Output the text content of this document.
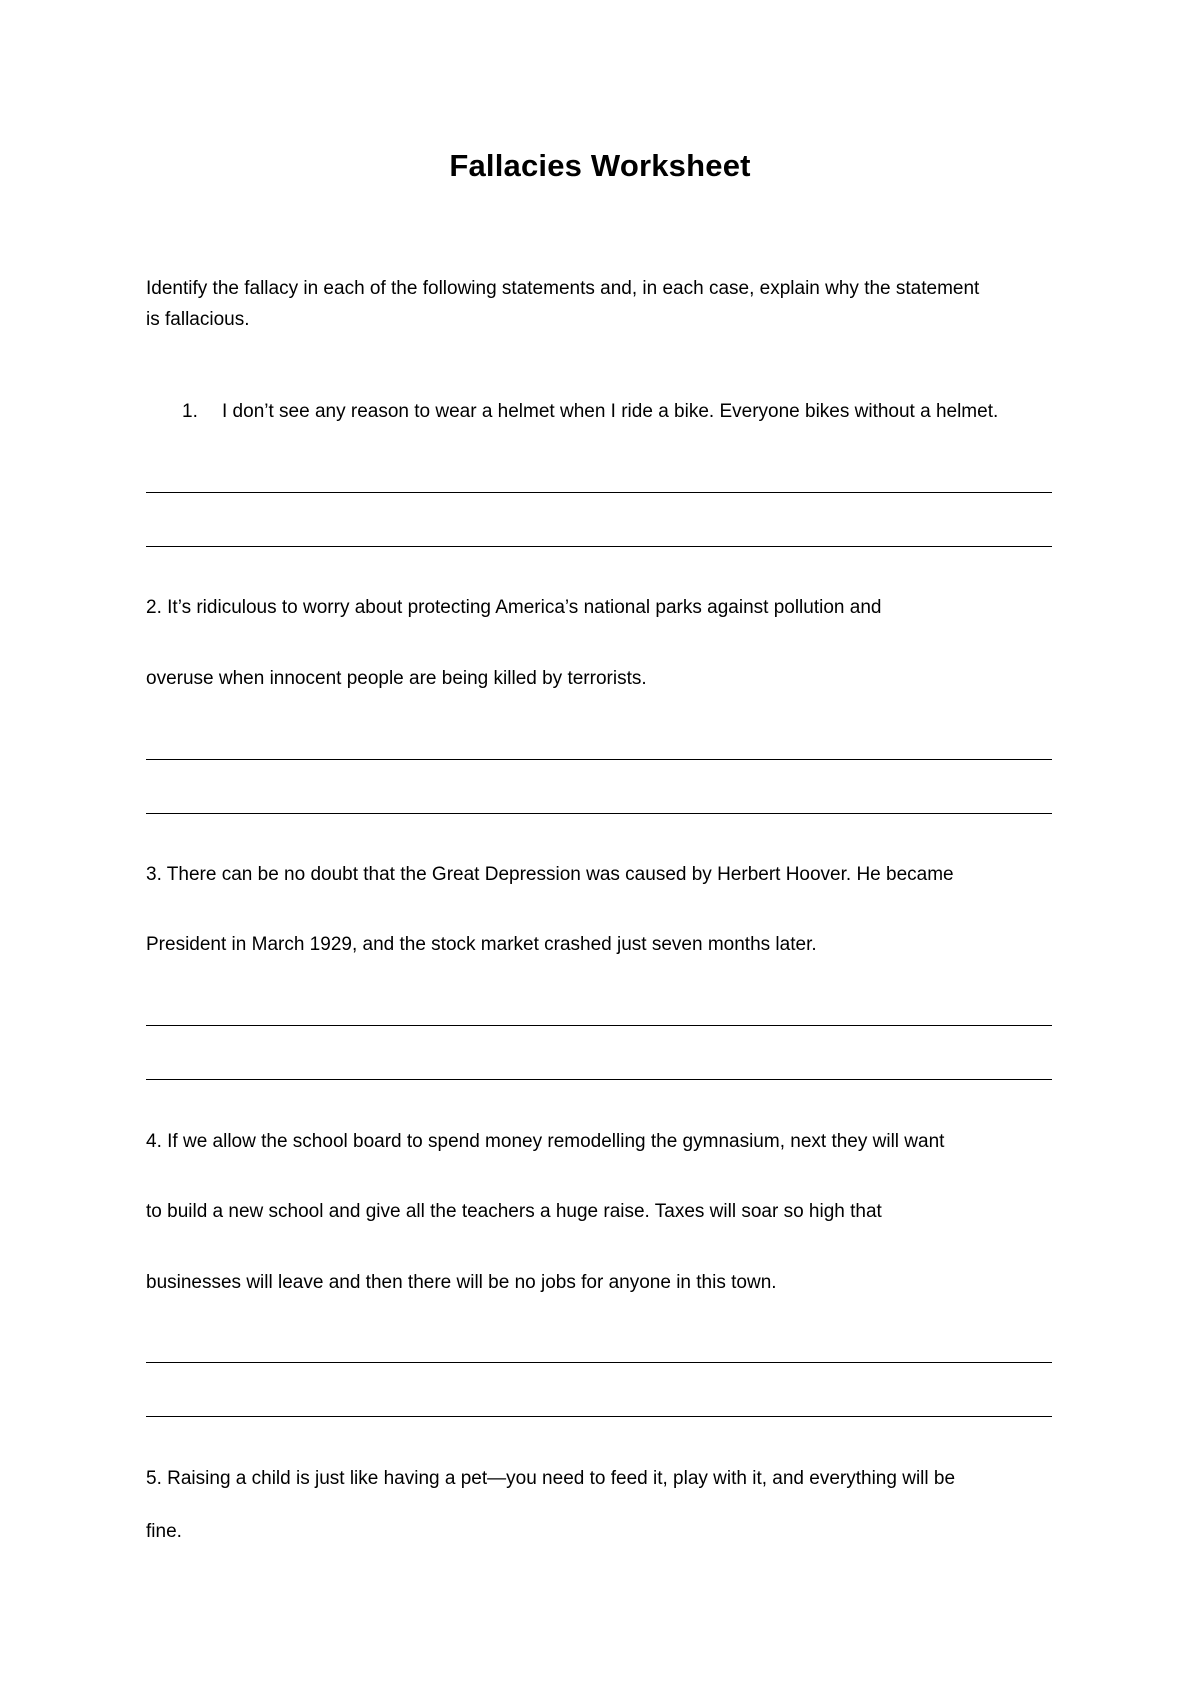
Fallacies Worksheet
Identify the fallacy in each of the following statements and, in each case, explain why the statement
is fallacious.
1. I don’t see any reason to wear a helmet when I ride a bike. Everyone bikes without a helmet.
2. It’s ridiculous to worry about protecting America’s national parks against pollution and
overuse when innocent people are being killed by terrorists.
3. There can be no doubt that the Great Depression was caused by Herbert Hoover. He became
President in March 1929, and the stock market crashed just seven months later.
4. If we allow the school board to spend money remodelling the gymnasium, next they will want
to build a new school and give all the teachers a huge raise. Taxes will soar so high that
businesses will leave and then there will be no jobs for anyone in this town.
5. Raising a child is just like having a pet—you need to feed it, play with it, and everything will be
fine.
